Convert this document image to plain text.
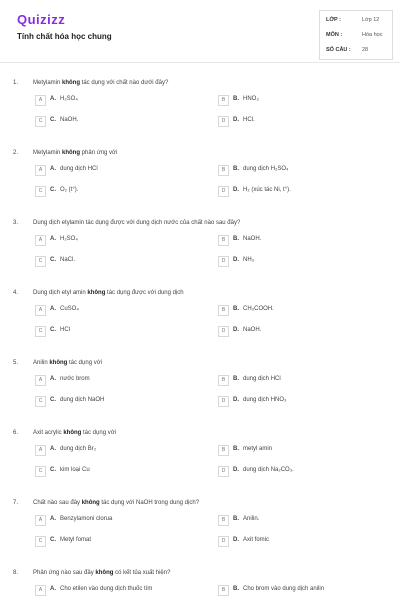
Quizizz
Tính chất hóa học chung
LỚP :	Lớp 12
MÔN :	Hóa học
SỐ CÂU : 28
1. Metylamin không tác dụng với chất nào dưới đây?
A	A. H₂SO₄	B	B. HNO₃
C	C. NaOH.	D	D. HCl.
2. Metylamin không phản ứng với
A	A. dung dịch HCl	B	B. dung dịch H₂SO₄
C	C. O₂ (t°).	D	D. H₂ (xúc tác Ni, t°).
3. Dung dịch etylamin tác dụng được với dung dịch nước của chất nào sau đây?
A	A. H₂SO₄	B	B. NaOH.
C	C. NaCl.	D	D. NH₃
4. Dung dịch etyl amin không tác dụng được với dung dịch
A	A. CuSO₄	B	B. CH₃COOH.
C	C. HCl	D	D. NaOH.
5. Anilin không tác dụng với
A	A. nước brom	B	B. dung dịch HCl
C	C. dung dịch NaOH	D	D. dung dịch HNO₃
6. Axit acrylic không tác dụng với
A	A. dung dịch Br₂	B	B. metyl amin
C	C. kim loại Cu	D	D. dung dịch Na₂CO₃.
7. Chất nào sau đây không tác dụng với NaOH trong dung dịch?
A	A. Benzylamoni clorua	B	B. Anilin.
C	C. Metyl fomat	D	D. Axit fomic
8. Phản ứng nào sau đây không có kết tủa xuất hiện?
A	A. Cho etilen vào dung dịch thuốc tím	B	B. Cho brom vào dung dịch anilin
